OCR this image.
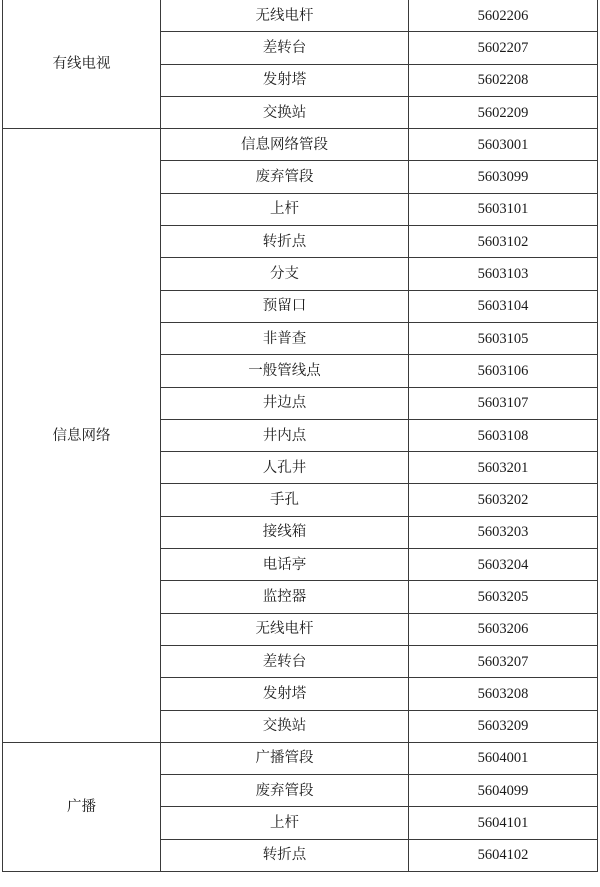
有线电视	无线电杆	5602206
	差转台	5602207
	发射塔	5602208
	交换站	5602209
信息网络	信息网络管段	5603001
	废弃管段	5603099
	上杆	5603101
	转折点	5603102
	分支	5603103
	预留口	5603104
	非普查	5603105
	一般管线点	5603106
	井边点	5603107
	井内点	5603108
	人孔井	5603201
	手孔	5603202
	接线箱	5603203
	电话亭	5603204
	监控器	5603205
	无线电杆	5603206
	差转台	5603207
	发射塔	5603208
	交换站	5603209
广播	广播管段	5604001
	废弃管段	5604099
	上杆	5604101
	转折点	5604102
